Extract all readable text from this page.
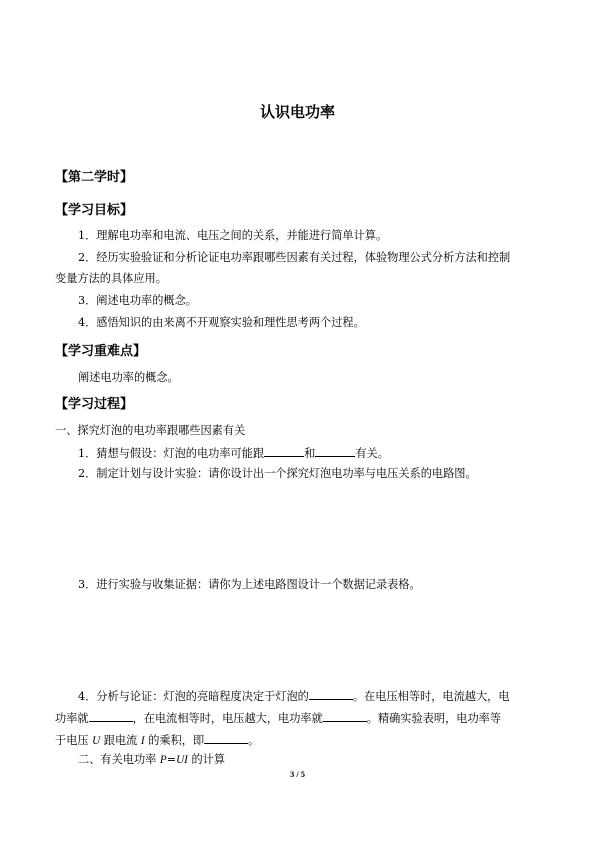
认识电功率
【第二学时】
【学习目标】
1．理解电功率和电流、电压之间的关系，并能进行简单计算。
2．经历实验验证和分析论证电功率跟哪些因素有关过程，体验物理公式分析方法和控制
变量方法的具体应用。
3．阐述电功率的概念。
4．感悟知识的由来离不开观察实验和理性思考两个过程。
【学习重难点】
阐述电功率的概念。
【学习过程】
一、探究灯泡的电功率跟哪些因素有关
1．猜想与假设：灯泡的电功率可能跟	和	有关。
2．制定计划与设计实验：请你设计出一个探究灯泡电功率与电压关系的电路图。
3．进行实验与收集证据：请你为上述电路图设计一个数据记录表格。
4．分析与论证：灯泡的亮暗程度决定于灯泡的	。在电压相等时，电流越大，电
功率就	，在电流相等时，电压越大，电功率就	。精确实验表明，电功率等
于电压 U 跟电流 I 的乘积，即	。
二、有关电功率 P=UI 的计算
3 / 5
